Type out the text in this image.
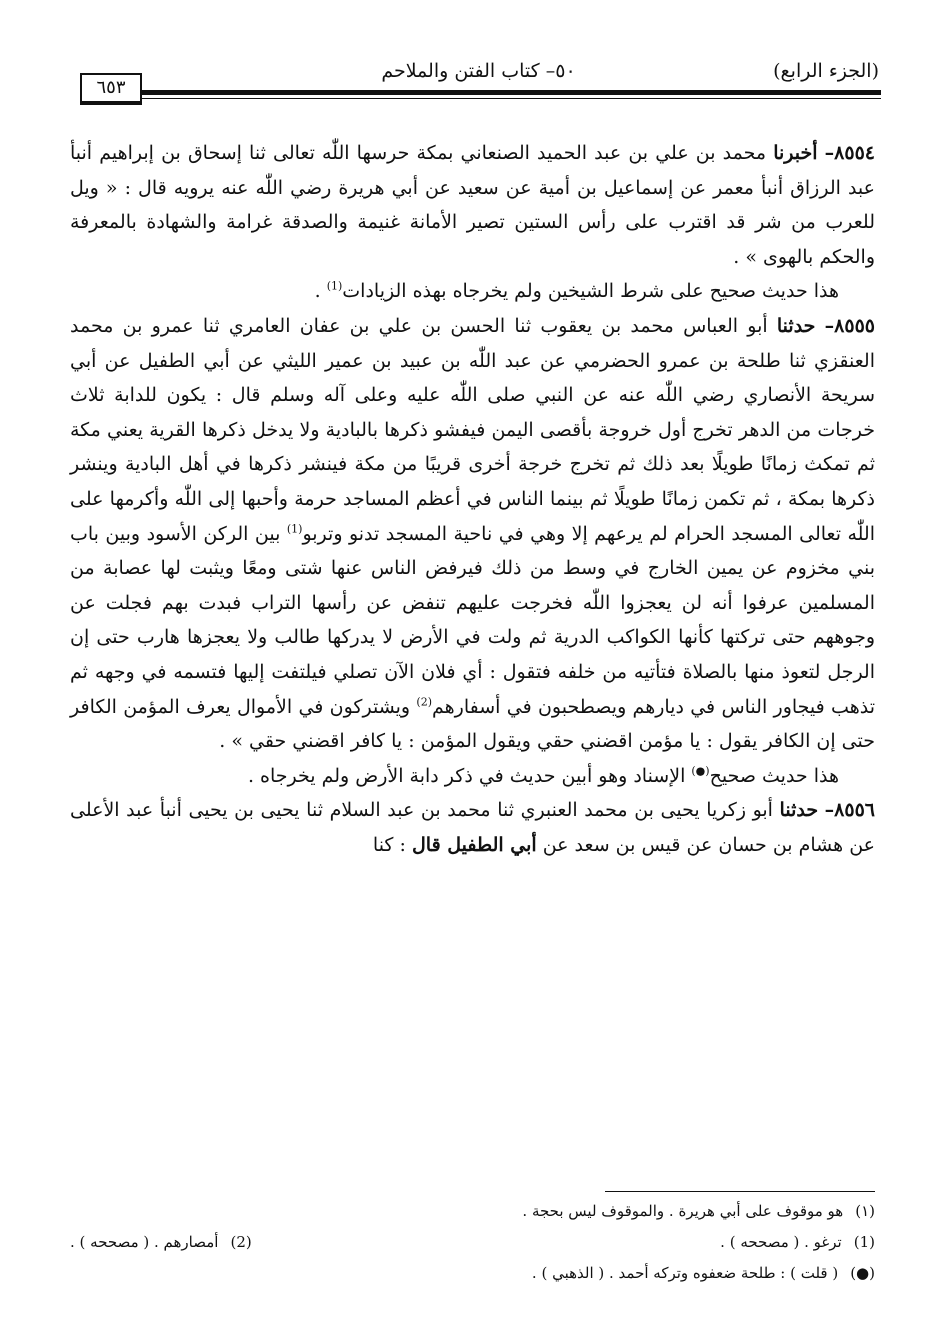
(الجزء الرابع)
٥٠– كتاب الفتن والملاحم
٦٥٣

٨٥٥٤– أخبرنا محمد بن علي بن عبد الحميد الصنعاني بمكة حرسها اللّٰه تعالى ثنا إسحاق بن إبراهيم أنبأ عبد الرزاق أنبأ معمر عن إسماعيل بن أمية عن سعيد عن أبي هريرة رضي اللّٰه عنه يرويه قال : « ويل للعرب من شر قد اقترب على رأس الستين تصير الأمانة غنيمة والصدقة غرامة والشهادة بالمعرفة والحكم بالهوى » .

هذا حديث صحيح على شرط الشيخين ولم يخرجاه بهذه الزيادات$^{(1)}$ .

٨٥٥٥– حدثنا أبو العباس محمد بن يعقوب ثنا الحسن بن علي بن عفان العامري ثنا عمرو بن محمد العنقزي ثنا طلحة بن عمرو الحضرمي عن عبد اللّٰه بن عبيد بن عمير الليثي عن أبي الطفيل عن أبي سريحة الأنصاري رضي اللّٰه عنه عن النبي صلى اللّٰه عليه وعلى آله وسلم قال : يكون للدابة ثلاث خرجات من الدهر تخرج أول خروجة بأقصى اليمن فيفشو ذكرها بالبادية ولا يدخل ذكرها القرية يعني مكة ثم تمكث زمانًا طويلًا بعد ذلك ثم تخرج خرجة أخرى قريبًا من مكة فينشر ذكرها في أهل البادية وينشر ذكرها بمكة ، ثم تكمن زمانًا طويلًا ثم بينما الناس في أعظم المساجد حرمة وأحبها إلى اللّٰه وأكرمها على اللّٰه تعالى المسجد الحرام لم يرعهم إلا وهي في ناحية المسجد تدنو وتربو$^{(1)}$ بين الركن الأسود وبين باب بني مخزوم عن يمين الخارج في وسط من ذلك فيرفض الناس عنها شتى ومعًا ويثبت لها عصابة من المسلمين عرفوا أنه لن يعجزوا اللّٰه فخرجت عليهم تنفض عن رأسها التراب فبدت بهم فجلت عن وجوههم حتى تركتها كأنها الكواكب الدرية ثم ولت في الأرض لا يدركها طالب ولا يعجزها هارب حتى إن الرجل لتعوذ منها بالصلاة فتأتيه من خلفه فتقول : أي فلان الآن تصلي فيلتفت إليها فتسمه في وجهه ثم تذهب فيجاور الناس في ديارهم ويصطحبون في أسفارهم$^{(2)}$ ويشتركون في الأموال يعرف المؤمن الكافر حتى إن الكافر يقول : يا مؤمن اقضني حقي ويقول المؤمن : يا كافر اقضني حقي » .

هذا حديث صحيح(●) الإسناد وهو أبين حديث في ذكر دابة الأرض ولم يخرجاه .

٨٥٥٦– حدثنا أبو زكريا يحيى بن محمد العنبري ثنا محمد بن عبد السلام ثنا يحيى بن يحيى أنبأ عبد الأعلى عن هشام بن حسان عن قيس بن سعد عن أبي الطفيل قال : كنا

(١)هو موقوف على أبي هريرة . والموقوف ليس بحجة .

(1)ترغو . ( مصححه ) .

(2)أمصارهم . ( مصححه ) .

(●)( قلت ) : طلحة ضعفوه وتركه أحمد . ( الذهبي ) .
